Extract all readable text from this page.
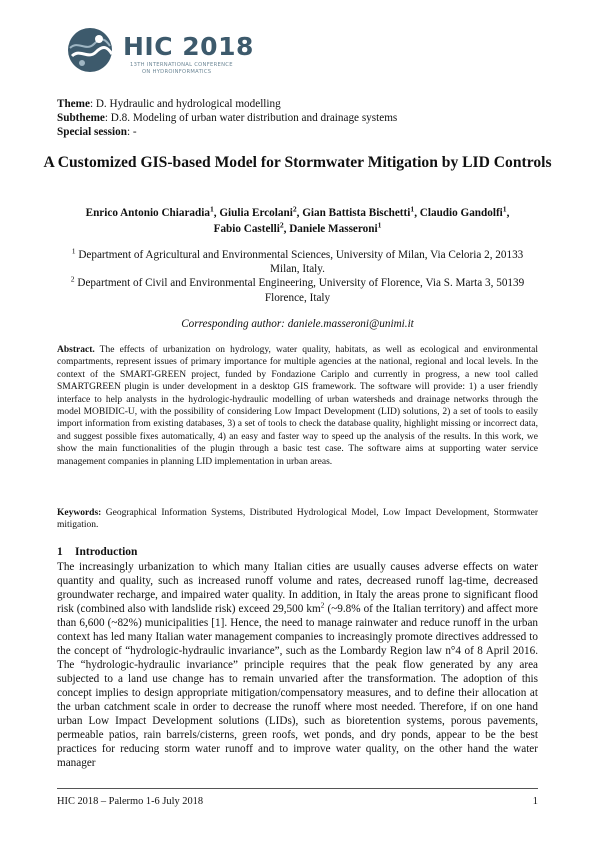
HIC 2018
13TH INTERNATIONAL CONFERENCE
ON HYDROINFORMATICS
Theme: D. Hydraulic and hydrological modelling
Subtheme: D.8. Modeling of urban water distribution and drainage systems
Special session: -
A Customized GIS-based Model for Stormwater Mitigation by LID Controls
Enrico Antonio Chiaradia$^1$, Giulia Ercolani$^2$, Gian Battista Bischetti$^1$, Claudio Gandolfi$^1$,
Fabio Castelli$^2$, Daniele Masseroni$^1$

$^1$ Department of Agricultural and Environmental Sciences, University of Milan, Via Celoria 2, 20133 Milan, Italy.

$^2$ Department of Civil and Environmental Engineering, University of Florence, Via S. Marta 3, 50139 Florence, Italy

Corresponding author: daniele.masseroni@unimi.it
Abstract. The effects of urbanization on hydrology, water quality, habitats, as well as ecological and environmental compartments, represent issues of primary importance for multiple agencies at the national, regional and local levels. In the context of the SMART-GREEN project, funded by Fondazione Cariplo and currently in progress, a new tool called SMARTGREEN plugin is under development in a desktop GIS framework. The software will provide: 1) a user friendly interface to help analysts in the hydrologic-hydraulic modelling of urban watersheds and drainage networks through the model MOBIDIC-U, with the possibility of considering Low Impact Development (LID) solutions, 2) a set of tools to easily import information from existing databases, 3) a set of tools to check the database quality, highlight missing or incorrect data, and suggest possible fixes automatically, 4) an easy and faster way to speed up the analysis of the results. In this work, we show the main functionalities of the plugin through a basic test case. The software aims at supporting water service management companies in planning LID implementation in urban areas.
Keywords: Geographical Information Systems, Distributed Hydrological Model, Low Impact Development, Stormwater mitigation.
1 Introduction
The increasingly urbanization to which many Italian cities are usually causes adverse effects on water quantity and quality, such as increased runoff volume and rates, decreased runoff lag-time, decreased groundwater recharge, and impaired water quality. In addition, in Italy the areas prone to significant flood risk (combined also with landslide risk) exceed 29,500 $km^2$ (~9.8% of the Italian territory) and affect more than 6,600 (~82%) municipalities [1]. Hence, the need to manage rainwater and reduce runoff in the urban context has led many Italian water management companies to increasingly promote directives addressed to the concept of “hydrologic-hydraulic invariance”, such as the Lombardy Region law n°4 of 8 April 2016. The “hydrologic-hydraulic invariance” principle requires that the peak flow generated by any area subjected to a land use change has to remain unvaried after the transformation. The adoption of this concept implies to design appropriate mitigation/compensatory measures, and to define their allocation at the urban catchment scale in order to decrease the runoff where most needed. Therefore, if on one hand urban Low Impact Development solutions (LIDs), such as bioretention systems, porous pavements, permeable patios, rain barrels/cisterns, green roofs, wet ponds, and dry ponds, appear to be the best practices for reducing storm water runoff and to improve water quality, on the other hand the water manager
HIC 2018 – Palermo 1-6 July 2018	1
